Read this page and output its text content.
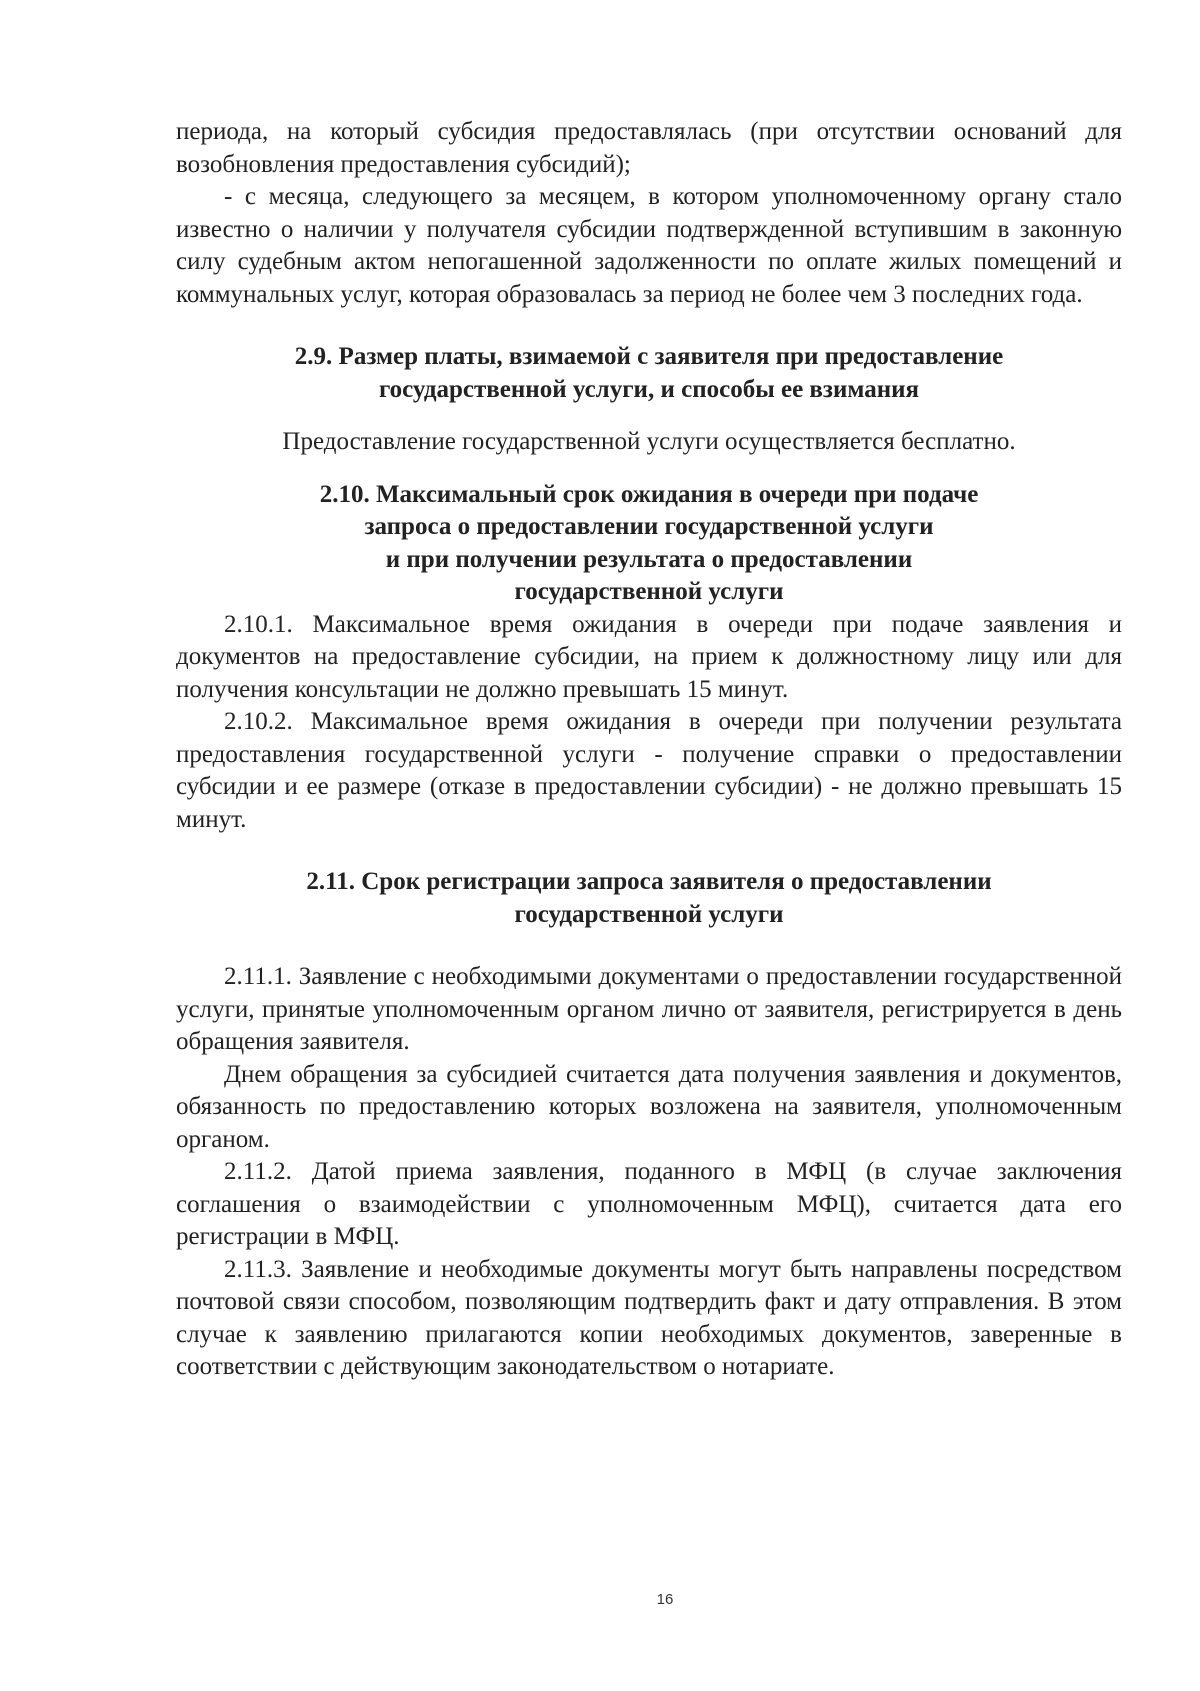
периода, на который субсидия предоставлялась (при отсутствии оснований для возобновления предоставления субсидий);

- с месяца, следующего за месяцем, в котором уполномоченному органу стало известно о наличии у получателя субсидии подтвержденной вступившим в законную силу судебным актом непогашенной задолженности по оплате жилых помещений и коммунальных услуг, которая образовалась за период не более чем 3 последних года.

2.9. Размер платы, взимаемой с заявителя при предоставление
государственной услуги, и способы ее взимания

Предоставление государственной услуги осуществляется бесплатно.

2.10. Максимальный срок ожидания в очереди при подаче
запроса о предоставлении государственной услуги
и при получении результата о предоставлении
государственной услуги

2.10.1. Максимальное время ожидания в очереди при подаче заявления и документов на предоставление субсидии, на прием к должностному лицу или для получения консультации не должно превышать 15 минут.

2.10.2. Максимальное время ожидания в очереди при получении результата предоставления государственной услуги - получение справки о предоставлении субсидии и ее размере (отказе в предоставлении субсидии) - не должно превышать 15 минут.

2.11. Срок регистрации запроса заявителя о предоставлении
государственной услуги

2.11.1. Заявление с необходимыми документами о предоставлении государственной услуги, принятые уполномоченным органом лично от заявителя, регистрируется в день обращения заявителя.

Днем обращения за субсидией считается дата получения заявления и документов, обязанность по предоставлению которых возложена на заявителя, уполномоченным органом.

2.11.2. Датой приема заявления, поданного в МФЦ (в случае заключения соглашения о взаимодействии с уполномоченным МФЦ), считается дата его регистрации в МФЦ.

2.11.3. Заявление и необходимые документы могут быть направлены посредством почтовой связи способом, позволяющим подтвердить факт и дату отправления. В этом случае к заявлению прилагаются копии необходимых документов, заверенные в соответствии с действующим законодательством о нотариате.

16
